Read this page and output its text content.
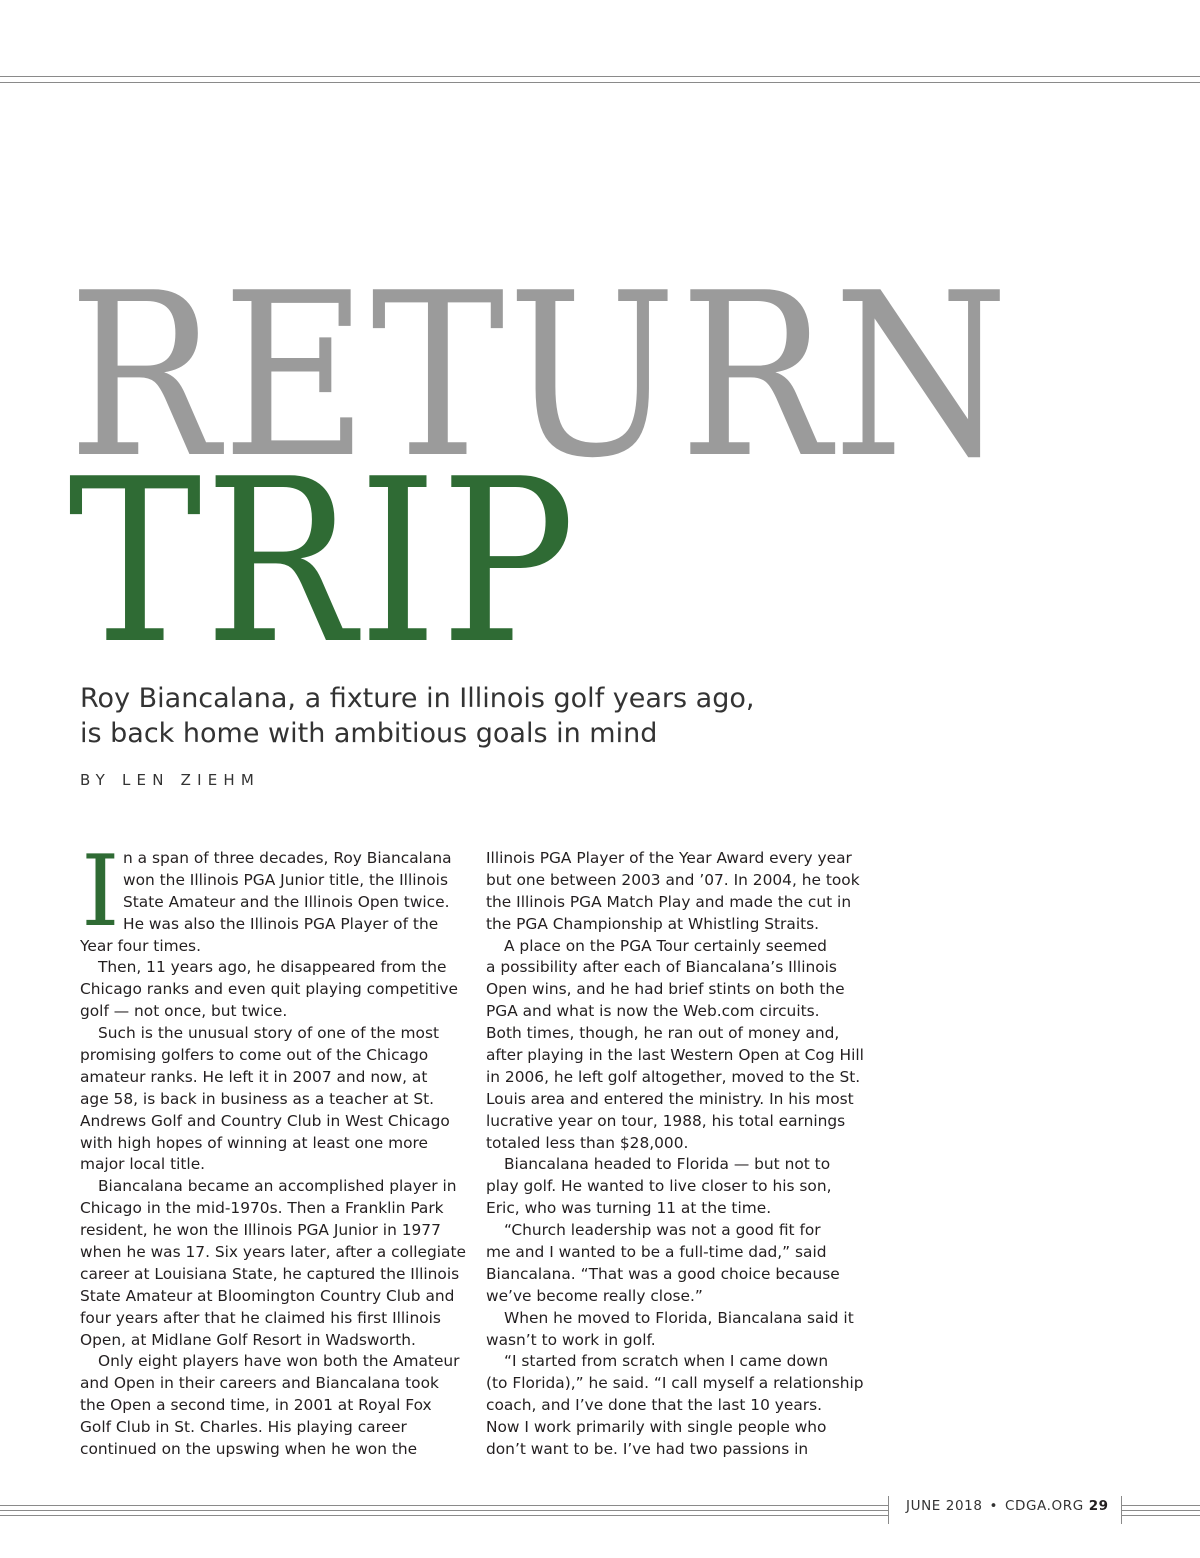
RETURN
TRIP
Roy Biancalana, a fixture in Illinois golf years ago,
is back home with ambitious goals in mind

BY LEN ZIEHM

I n a span of three decades, Roy Biancalana
won the Illinois PGA Junior title, the Illinois
State Amateur and the Illinois Open twice.
He was also the Illinois PGA Player of the
Year four times.
Then, 11 years ago, he disappeared from the
Chicago ranks and even quit playing competitive
golf — not once, but twice.
Such is the unusual story of one of the most
promising golfers to come out of the Chicago
amateur ranks. He left it in 2007 and now, at
age 58, is back in business as a teacher at St.
Andrews Golf and Country Club in West Chicago
with high hopes of winning at least one more
major local title.
Biancalana became an accomplished player in
Chicago in the mid-1970s. Then a Franklin Park
resident, he won the Illinois PGA Junior in 1977
when he was 17. Six years later, after a collegiate
career at Louisiana State, he captured the Illinois
State Amateur at Bloomington Country Club and
four years after that he claimed his first Illinois
Open, at Midlane Golf Resort in Wadsworth.
Only eight players have won both the Amateur
and Open in their careers and Biancalana took
the Open a second time, in 2001 at Royal Fox
Golf Club in St. Charles. His playing career
continued on the upswing when he won the
Illinois PGA Player of the Year Award every year
but one between 2003 and ’07. In 2004, he took
the Illinois PGA Match Play and made the cut in
the PGA Championship at Whistling Straits.
A place on the PGA Tour certainly seemed
a possibility after each of Biancalana’s Illinois
Open wins, and he had brief stints on both the
PGA and what is now the Web.com circuits.
Both times, though, he ran out of money and,
after playing in the last Western Open at Cog Hill
in 2006, he left golf altogether, moved to the St.
Louis area and entered the ministry. In his most
lucrative year on tour, 1988, his total earnings
totaled less than $28,000.
Biancalana headed to Florida — but not to
play golf. He wanted to live closer to his son,
Eric, who was turning 11 at the time.
“Church leadership was not a good fit for
me and I wanted to be a full-time dad,” said
Biancalana. “That was a good choice because
we’ve become really close.”
When he moved to Florida, Biancalana said it
wasn’t to work in golf.
“I started from scratch when I came down
(to Florida),” he said. “I call myself a relationship
coach, and I’ve done that the last 10 years.
Now I work primarily with single people who
don’t want to be. I’ve had two passions in
JUNE 2018 • CDGA.ORG 29
